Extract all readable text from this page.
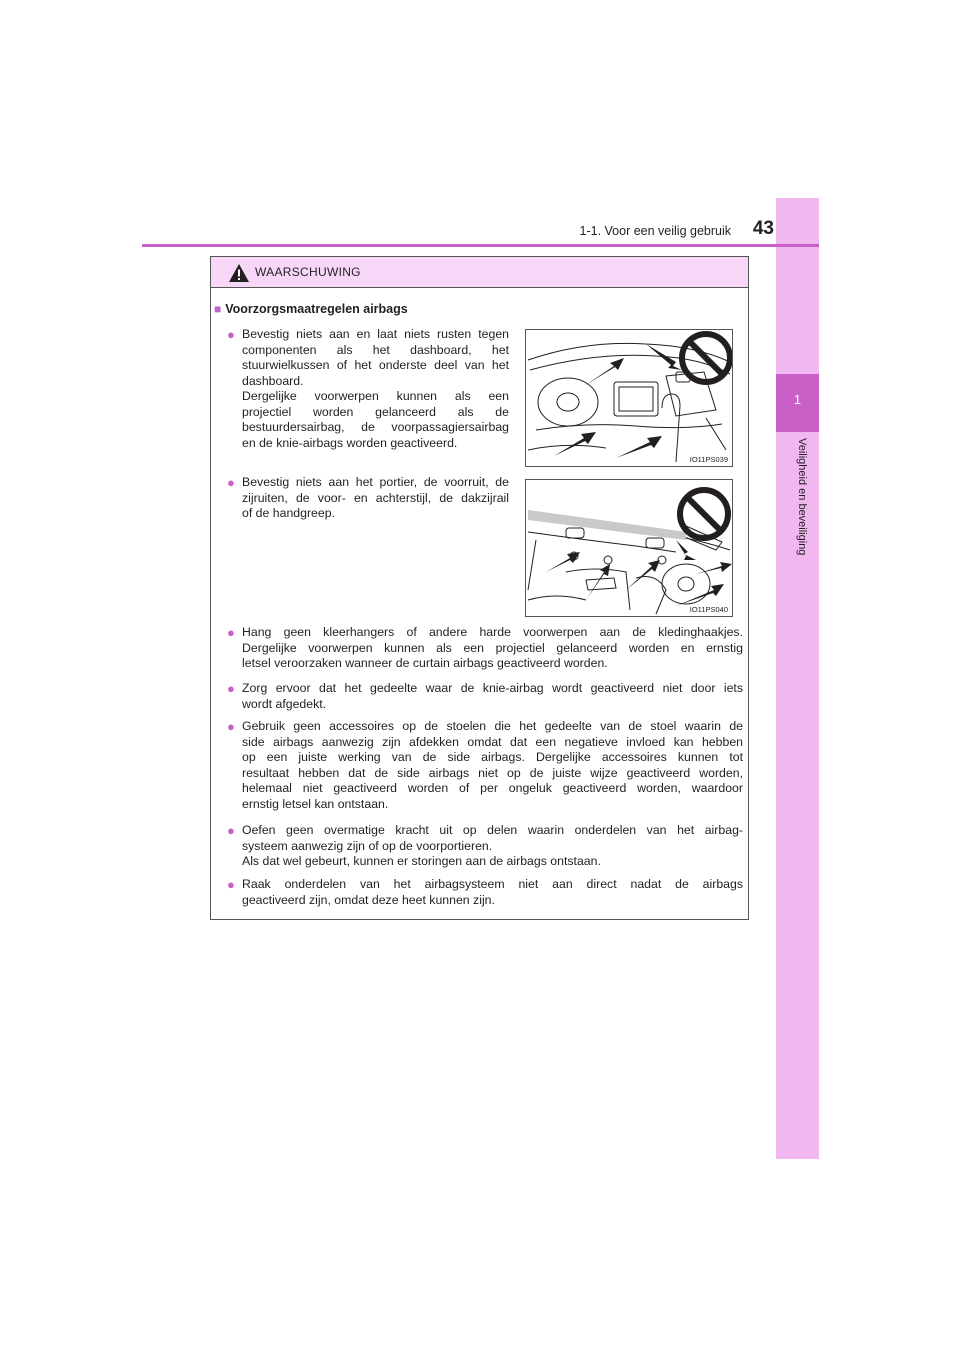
1
Veiligheid en beveiliging
1-1. Voor een veilig gebruik	43
WAARSCHUWING
■ Voorzorgsmaatregelen airbags
● Bevestig niets aan en laat niets rusten tegen
componenten als het dashboard, het
stuurwielkussen of het onderste deel van het
dashboard.
Dergelijke voorwerpen kunnen als een
projectiel worden gelanceerd als de
bestuurdersairbag, de voorpassagiersairbag
en de knie-airbags worden geactiveerd.
IO11PS039
● Bevestig niets aan het portier, de voorruit, de
zijruiten, de voor- en achterstijl, de dakzijrail
of de handgreep.
IO11PS040
● Hang geen kleerhangers of andere harde voorwerpen aan de kledinghaakjes.
Dergelijke voorwerpen kunnen als een projectiel gelanceerd worden en ernstig
letsel veroorzaken wanneer de curtain airbags geactiveerd worden.
● Zorg ervoor dat het gedeelte waar de knie-airbag wordt geactiveerd niet door iets
wordt afgedekt.
● Gebruik geen accessoires op de stoelen die het gedeelte van de stoel waarin de
side airbags aanwezig zijn afdekken omdat dat een negatieve invloed kan hebben
op een juiste werking van de side airbags. Dergelijke accessoires kunnen tot
resultaat hebben dat de side airbags niet op de juiste wijze geactiveerd worden,
helemaal niet geactiveerd worden of per ongeluk geactiveerd worden, waardoor
ernstig letsel kan ontstaan.
● Oefen geen overmatige kracht uit op delen waarin onderdelen van het airbag-
systeem aanwezig zijn of op de voorportieren.
Als dat wel gebeurt, kunnen er storingen aan de airbags ontstaan.
● Raak onderdelen van het airbagsysteem niet aan direct nadat de airbags
geactiveerd zijn, omdat deze heet kunnen zijn.
